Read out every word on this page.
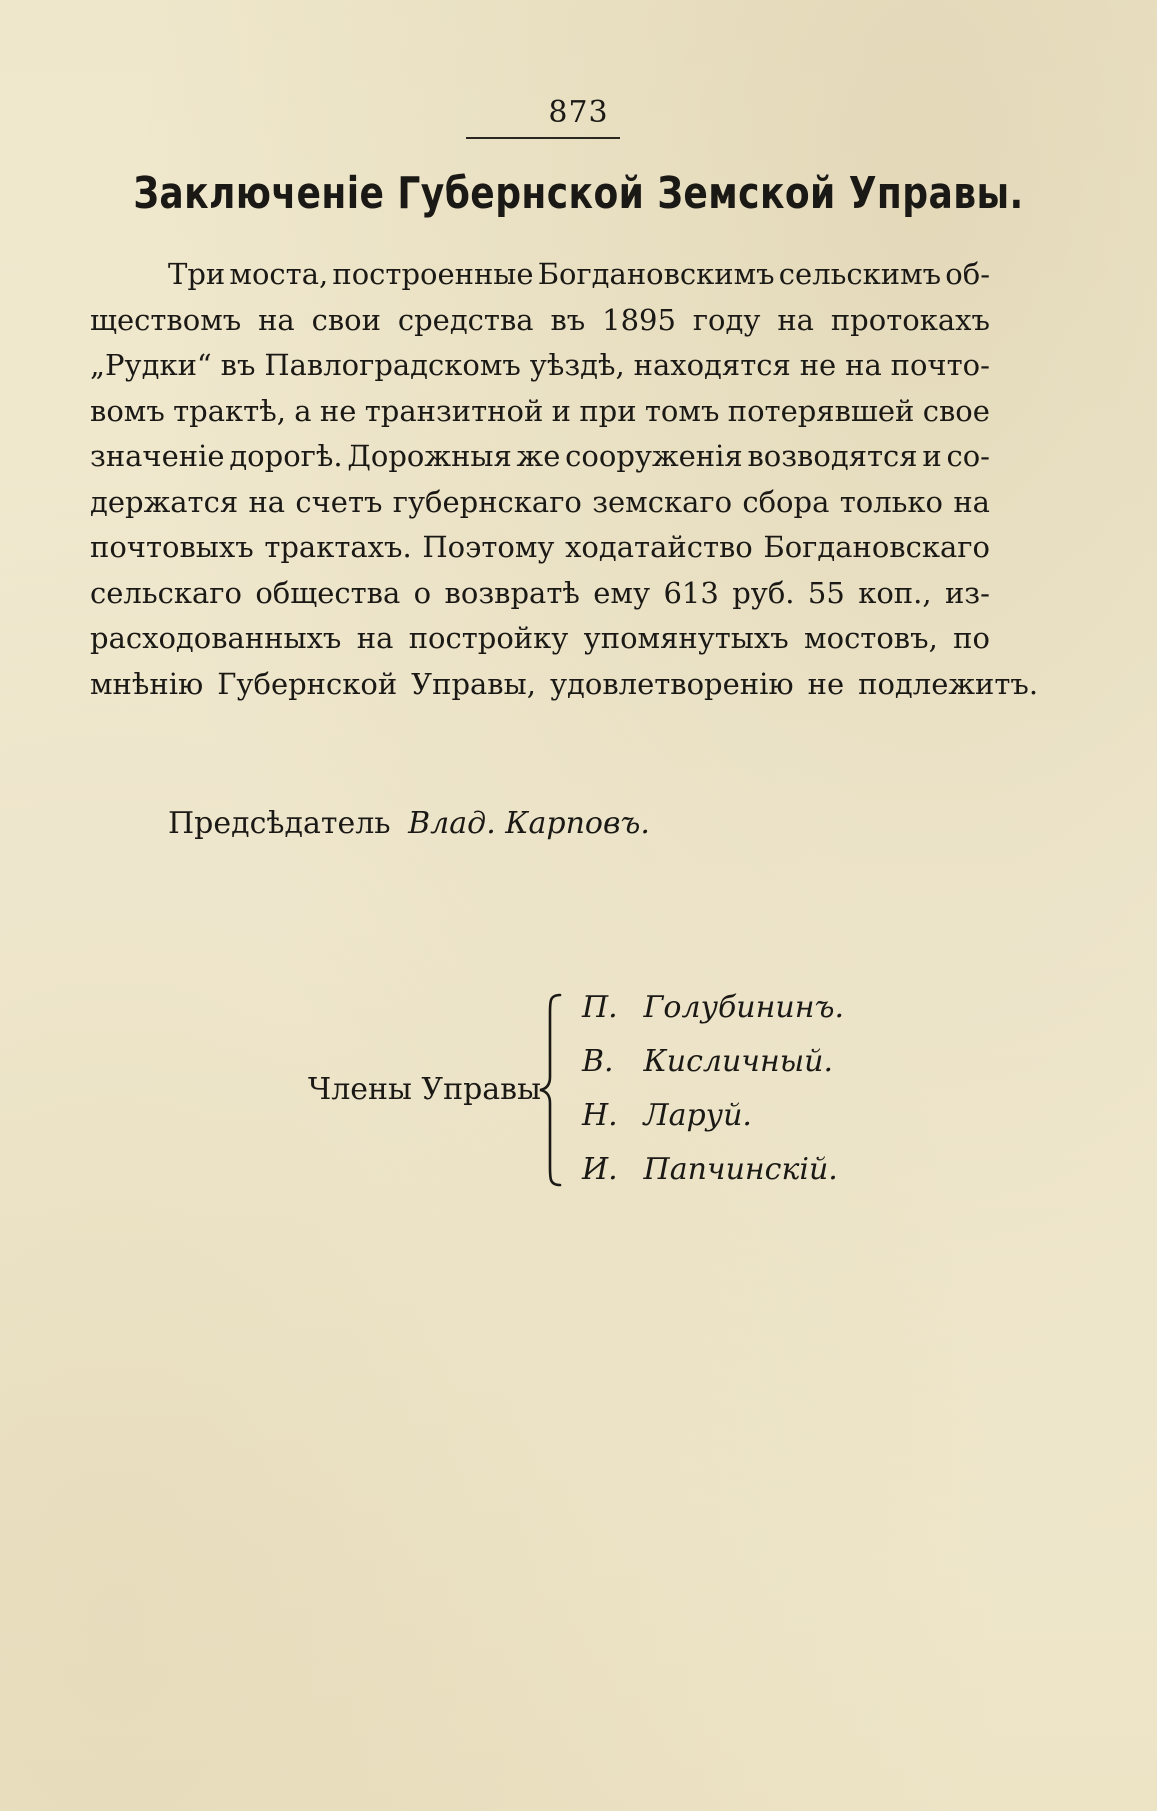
873
Заключеніе Губернской Земской Управы.
Три моста, построенные Богдановскимъ сельскимъ об-
ществомъ на свои средства въ 1895 году на протокахъ
„Рудки“ въ Павлоградскомъ уѣздѣ, находятся не на почто-
вомъ трактѣ, а не транзитной и при томъ потерявшей свое
значеніе дорогѣ. Дорожныя же сооруженія возводятся и со-
держатся на счетъ губернскаго земскаго сбора только на
почтовыхъ трактахъ. Поэтому ходатайство Богдановскаго
сельскаго общества о возвратѣ ему 613 руб. 55 коп., из-
расходованныхъ на постройку упомянутыхъ мостовъ, по
мнѣнію Губернской Управы, удовлетворенію не подлежитъ.
Предсѣдатель Влад. Карповъ.
Члены Управы
П. Голубининъ.
В. Кисличный.
Н. Ларуй.
И. Папчинскій.
